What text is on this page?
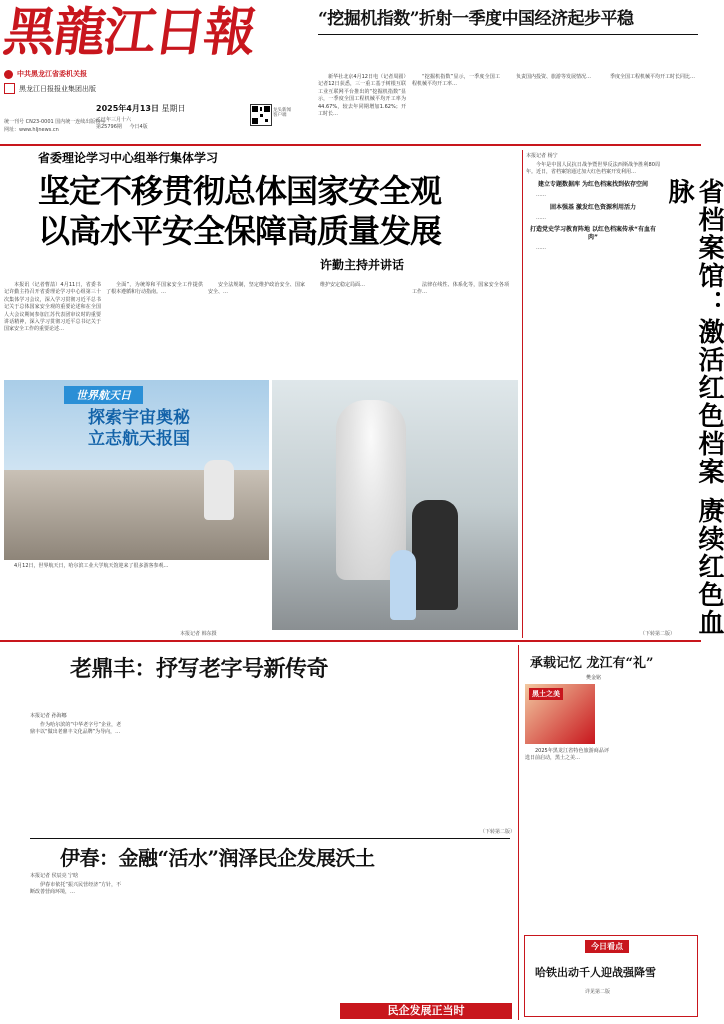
黑龍江日報
中共黑龙江省委机关报
黑龙江日报报业集团出版
统一刊号 CN23-0001 国内统一连续出版物号
网址：www.hljnews.cn
2025年4月13日 星期日
乙巳年三月十六
第25796期 今日4版
龙头新闻客户端
“挖掘机指数”折射一季度中国经济起步平稳

新华社北京4月12日电（记者周圆）记者12日获悉，三一重工基于树根互联工业互联网平台推出的“挖掘机指数”显示，一季度全国工程机械平均开工率为44.67%，较去年同期增加1.62%；开工时长…

“挖掘机指数”显示，一季度全国工程机械平均开工率…

负责国内投资、旅游等发展情况…	季度全国工程机械平均开工时长同比…

省委理论学习中心组举行集体学习
坚定不移贯彻总体国家安全观
以高水平安全保障高质量发展
许勤主持并讲话

本报讯（记者曹喆）4月11日，省委书记许勤主持召开省委理论学习中心组第三十次集体学习会议，深入学习贯彻习近平总书记关于总体国家安全观的重要论述和在全国人大会议期间参加江苏代表团审议时的重要讲话精神，深入学习贯彻习近平总书记关于国家安全工作的重要论述…

全面”，为统筹和平国家安全工作提供了根本遵循和行动指南。…

安全法规制，坚定维护政治安全、国家安全、…

维护安定稳定局面…	法律在线性、体系化等，国家安全各项工作…

世界航天日
探索宇宙奥秘
立志航天报国

4月12日，世界航天日，哈尔滨工业大学航天馆迎来了很多游客参观…

本报记者 韩东摄
本报记者 杨宁

今年是中国人民抗日战争暨世界反法西斯战争胜利80周年。近日，省档案馆通过加大红色档案开发利用…

建立专题数据库 为红色档案找到依存空间

……

固本强基 激发红色资源利用活力

……

打造党史学习教育阵地 以红色档案传承“有血有肉”

……	省档案馆：激活红色档案 赓续红色血脉
（下转第二版）
老鼎丰：抒写老字号新传奇
本报记者 孙海娜

作为哈尔滨的“中华老字号”企业，老鼎丰以“做出老鼎丰文化品牌”为导向，…

（下转第二版）
伊春：金融“活水”润泽民企发展沃土
本报记者 侯辰亮 宁晗

伊春市依托“振兴民营经济”方针，不断改善营商环境，…

民企发展正当时
承载记忆 龙江有“礼”
樊金铭
黑土之美

2025年黑龙江省特色旅游商品评选日前启动，黑土之美…

今日看点
哈铁出动千人迎战强降雪
详见第二版
